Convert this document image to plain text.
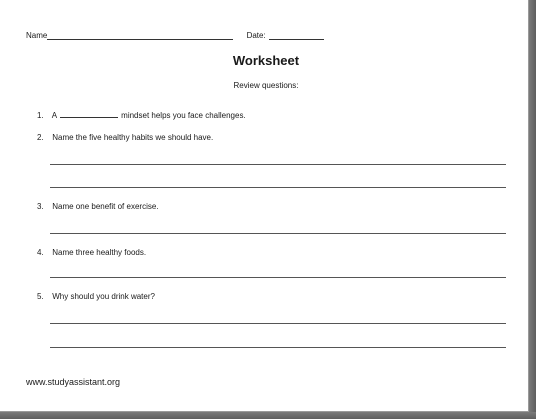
Name	Date:
Worksheet
Review questions:
1. A	mindset helps you face challenges.
2. Name the five healthy habits we should have.
3. Name one benefit of exercise.
4. Name three healthy foods.
5. Why should you drink water?
www.studyassistant.org
